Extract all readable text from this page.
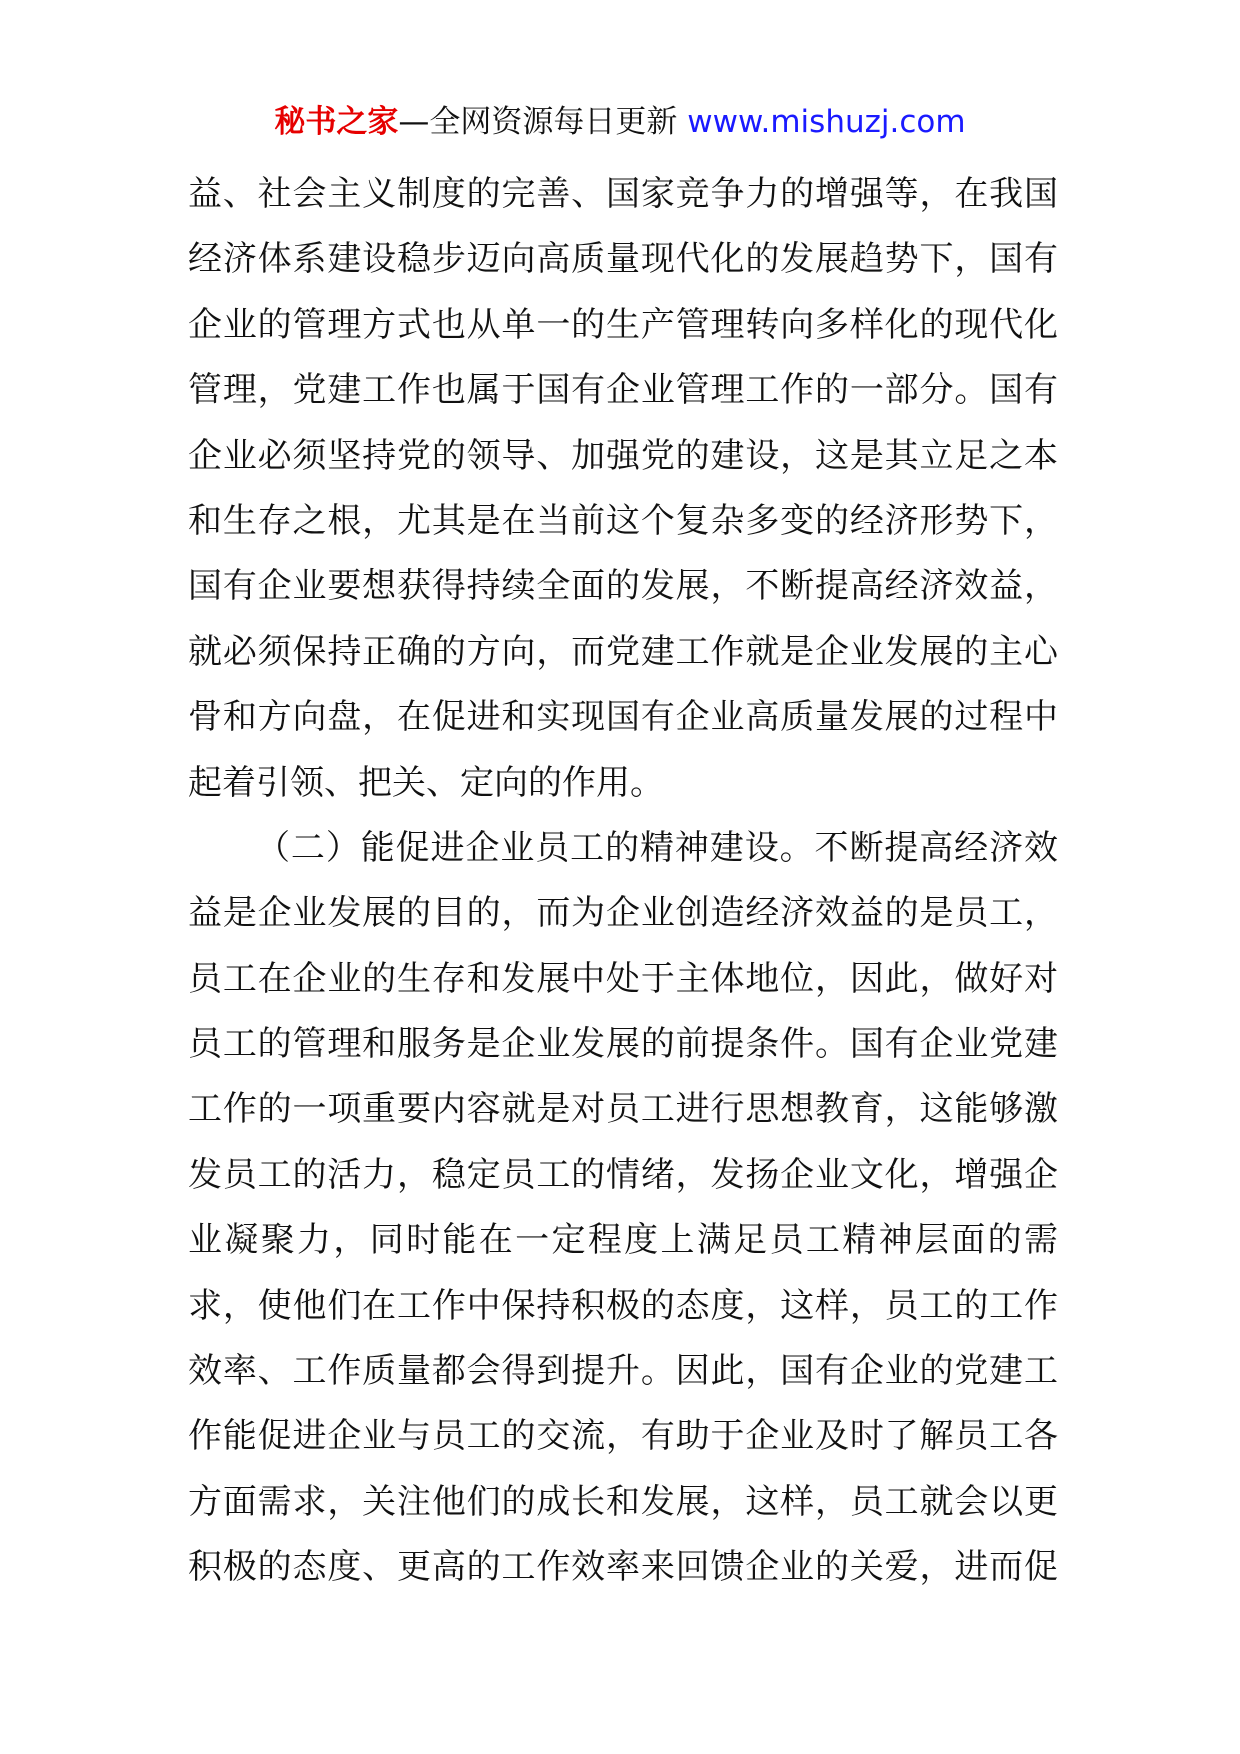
秘书之家—全网资源每日更新 www.mishuzj.com
益、社会主义制度的完善、国家竞争力的增强等，在我国
经济体系建设稳步迈向高质量现代化的发展趋势下，国有
企业的管理方式也从单一的生产管理转向多样化的现代化
管理，党建工作也属于国有企业管理工作的一部分。国有
企业必须坚持党的领导、加强党的建设，这是其立足之本
和生存之根，尤其是在当前这个复杂多变的经济形势下，
国有企业要想获得持续全面的发展，不断提高经济效益，
就必须保持正确的方向，而党建工作就是企业发展的主心
骨和方向盘，在促进和实现国有企业高质量发展的过程中
起着引领、把关、定向的作用。
（二）能促进企业员工的精神建设。不断提高经济效
益是企业发展的目的，而为企业创造经济效益的是员工，
员工在企业的生存和发展中处于主体地位，因此，做好对
员工的管理和服务是企业发展的前提条件。国有企业党建
工作的一项重要内容就是对员工进行思想教育，这能够激
发员工的活力，稳定员工的情绪，发扬企业文化，增强企
业凝聚力，同时能在一定程度上满足员工精神层面的需
求，使他们在工作中保持积极的态度，这样，员工的工作
效率、工作质量都会得到提升。因此，国有企业的党建工
作能促进企业与员工的交流，有助于企业及时了解员工各
方面需求，关注他们的成长和发展，这样，员工就会以更
积极的态度、更高的工作效率来回馈企业的关爱，进而促
